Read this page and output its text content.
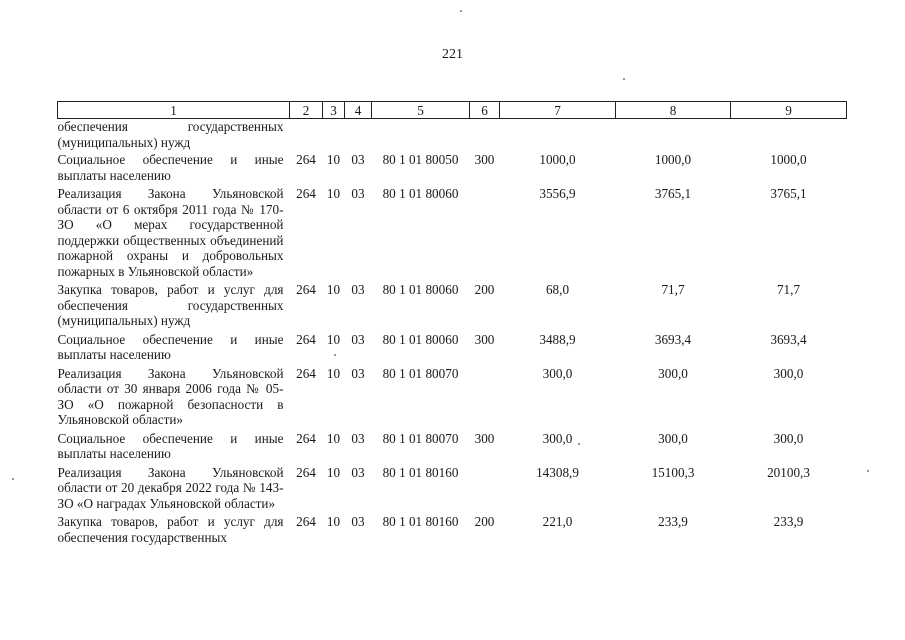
221
1	2	3	4	5	6	7	8	9
обеспечения государственных (муниципальных) нужд								
Социальное обеспечение и иные выплаты населению	264	10	03	80 1 01 80050	300	1000,0	1000,0	1000,0
Реализация Закона Ульяновской области от 6 октября 2011 года № 170-ЗО «О мерах государственной поддержки общественных объединений пожарной охраны и добровольных пожарных в Ульяновской области»	264	10	03	80 1 01 80060		3556,9	3765,1	3765,1
Закупка товаров, работ и услуг для обеспечения государственных (муниципальных) нужд	264	10	03	80 1 01 80060	200	68,0	71,7	71,7
Социальное обеспечение и иные выплаты населению	264	10	03	80 1 01 80060	300	3488,9	3693,4	3693,4
Реализация Закона Ульяновской области от 30 января 2006 года № 05-ЗО «О пожарной безопасности в Ульяновской области»	264	10	03	80 1 01 80070		300,0	300,0	300,0
Социальное обеспечение и иные выплаты населению	264	10	03	80 1 01 80070	300	300,0	300,0	300,0
Реализация Закона Ульяновской области от 20 декабря 2022 года № 143-ЗО «О наградах Ульяновской области»	264	10	03	80 1 01 80160		14308,9	15100,3	20100,3
Закупка товаров, работ и услуг для обеспечения государственных	264	10	03	80 1 01 80160	200	221,0	233,9	233,9
